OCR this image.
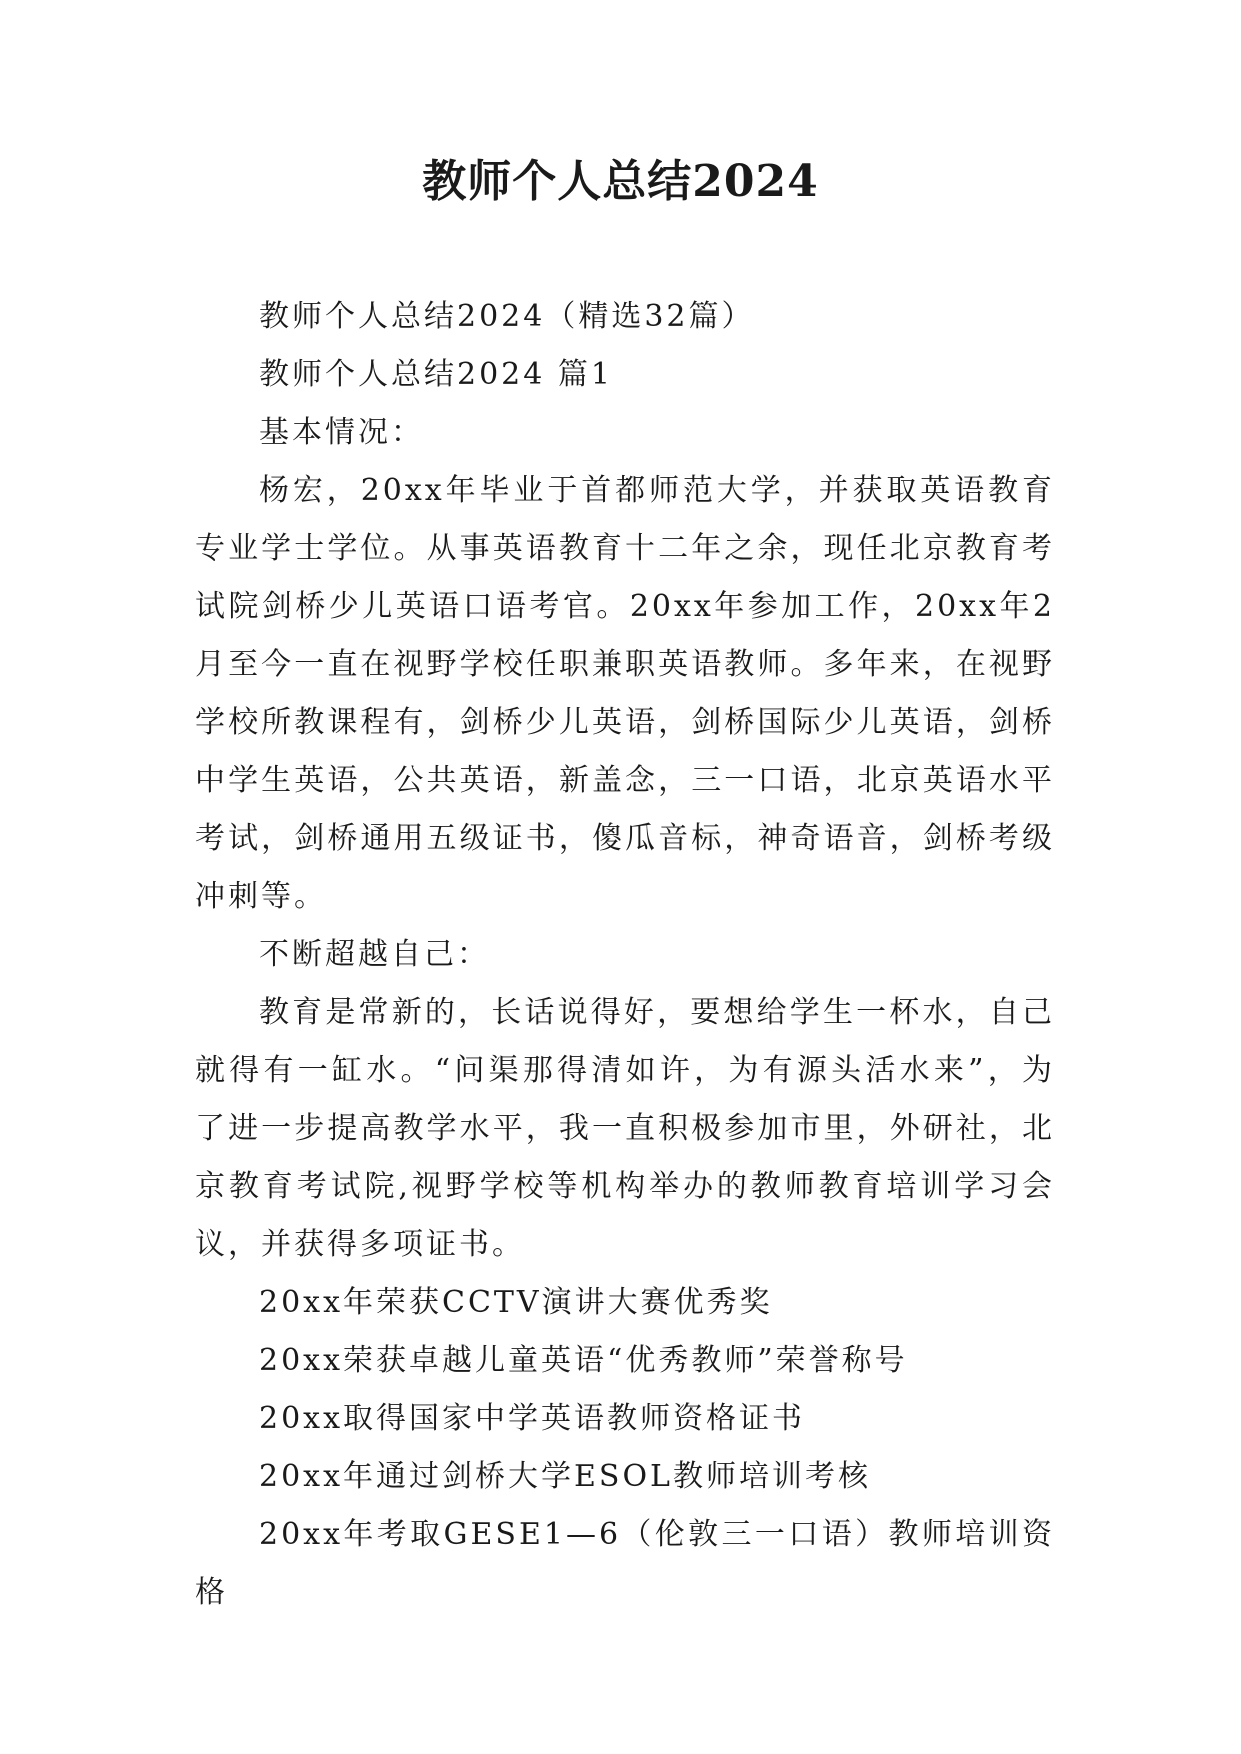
教师个人总结2024

教师个人总结2024（精选32篇）

教师个人总结2024 篇1

基本情况：

杨宏，20xx年毕业于首都师范大学，并获取英语教育专业学士学位。从事英语教育十二年之余，现任北京教育考试院剑桥少儿英语口语考官。20xx年参加工作，20xx年2月至今一直在视野学校任职兼职英语教师。多年来，在视野学校所教课程有，剑桥少儿英语，剑桥国际少儿英语，剑桥中学生英语，公共英语，新盖念，三一口语，北京英语水平考试，剑桥通用五级证书，傻瓜音标，神奇语音，剑桥考级冲刺等。

不断超越自己：

教育是常新的，长话说得好，要想给学生一杯水，自己就得有一缸水。“问渠那得清如许，为有源头活水来”，为了进一步提高教学水平，我一直积极参加市里，外研社，北京教育考试院,视野学校等机构举办的教师教育培训学习会议，并获得多项证书。

20xx年荣获CCTV演讲大赛优秀奖

20xx荣获卓越儿童英语“优秀教师”荣誉称号

20xx取得国家中学英语教师资格证书

20xx年通过剑桥大学ESOL教师培训考核

20xx年考取GESE1—6（伦敦三一口语）教师培训资格
